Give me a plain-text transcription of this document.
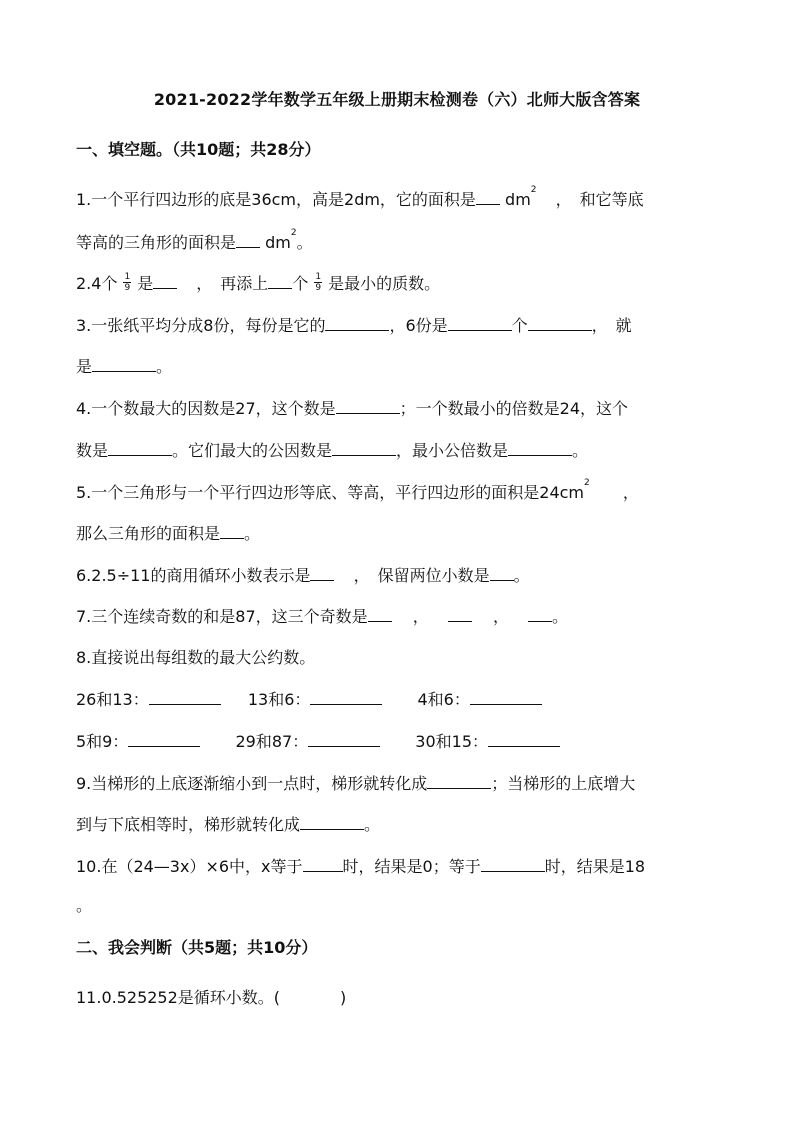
2021-2022学年数学五年级上册期末检测卷（六）北师大版含答案
一、填空题。（共10题；共28分）
1.一个平行四边形的底是36cm，高是2dm，它的面积是 $dm^2$ ，　和它等底
等高的三角形的面积是 $dm^2$。
2.4个 $\frac{1}{9}$ 是	，　再添上 个 $\frac{1}{9}$ 是最小的质数。
3.一张纸平均分成8份，每份是它的	，6份是	个	，　就
是	。
4.一个数最大的因数是27，这个数是	；一个数最小的倍数是24，这个
数是	。它们最大的公因数是	，最小公倍数是	。
5.一个三角形与一个平行四边形等底、等高，平行四边形的面积是$24cm^2$ ，
那么三角形的面积是 。
6.2.5÷11的商用循环小数表示是	，　保留两位小数是 。
7.三个连续奇数的和是87，这三个奇数是	，	，	。
8.直接说出每组数的最大公约数。
26和13：	13和6：	4和6：
5和9：	29和87：	30和15：
9.当梯形的上底逐渐缩小到一点时，梯形就转化成	；当梯形的上底增大
到与下底相等时，梯形就转化成	。
10.在（24—3x）×6中，x等于	时，结果是0；等于	时，结果是18
。
二、我会判断（共5题；共10分）
11.0.525252是循环小数。(	)
